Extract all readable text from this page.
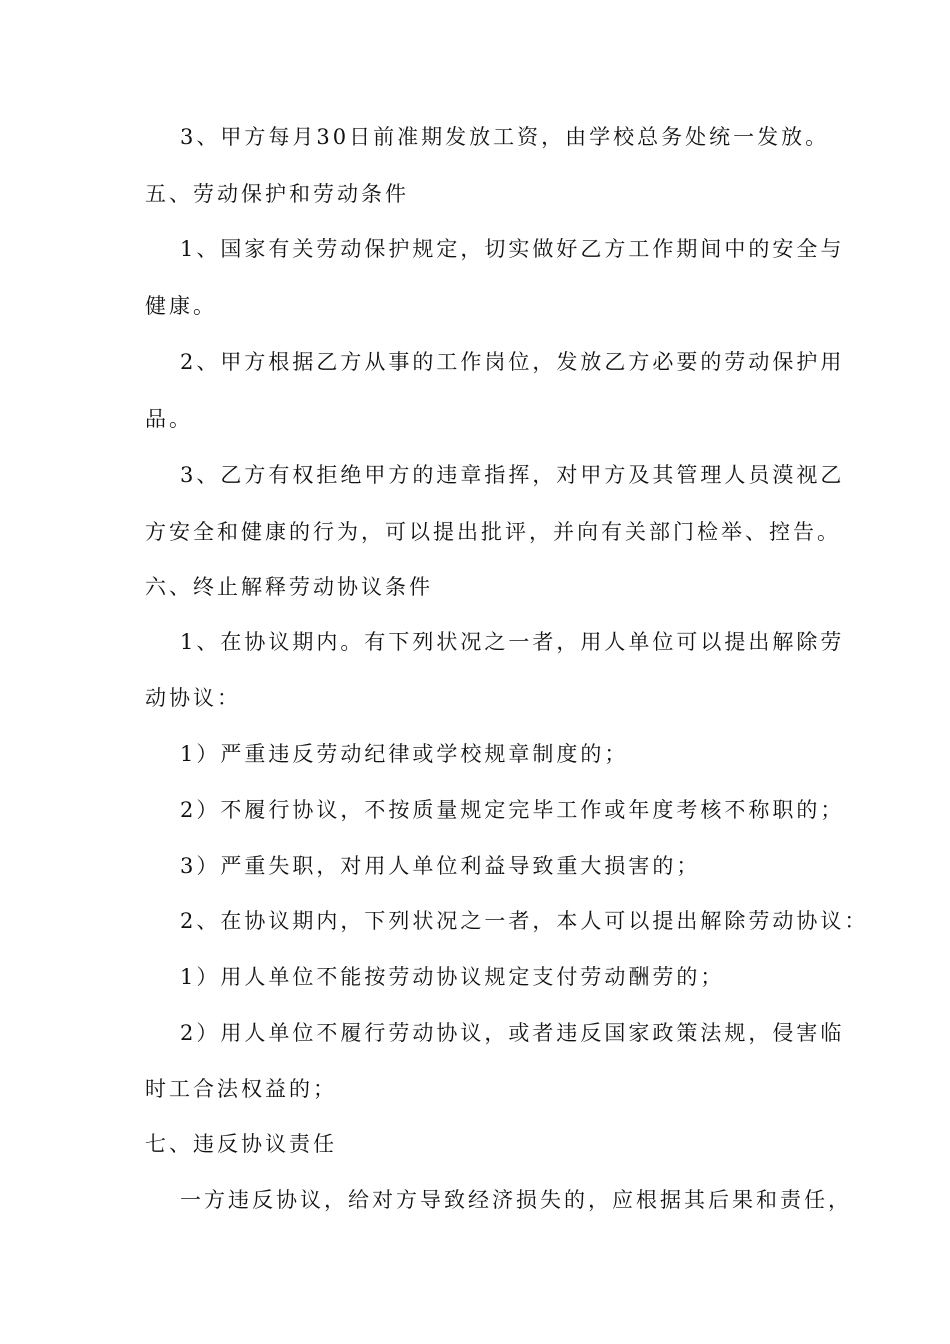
3、甲方每月30日前准期发放工资，由学校总务处统一发放。
五、劳动保护和劳动条件
1、国家有关劳动保护规定，切实做好乙方工作期间中的安全与
健康。
2、甲方根据乙方从事的工作岗位，发放乙方必要的劳动保护用
品。
3、乙方有权拒绝甲方的违章指挥，对甲方及其管理人员漠视乙
方安全和健康的行为，可以提出批评，并向有关部门检举、控告。
六、终止解释劳动协议条件
1、在协议期内。有下列状况之一者，用人单位可以提出解除劳
动协议：
1）严重违反劳动纪律或学校规章制度的；
2）不履行协议，不按质量规定完毕工作或年度考核不称职的；
3）严重失职，对用人单位利益导致重大损害的；
2、在协议期内，下列状况之一者，本人可以提出解除劳动协议：
1）用人单位不能按劳动协议规定支付劳动酬劳的；
2）用人单位不履行劳动协议，或者违反国家政策法规，侵害临
时工合法权益的；
七、违反协议责任
一方违反协议，给对方导致经济损失的，应根据其后果和责任，
